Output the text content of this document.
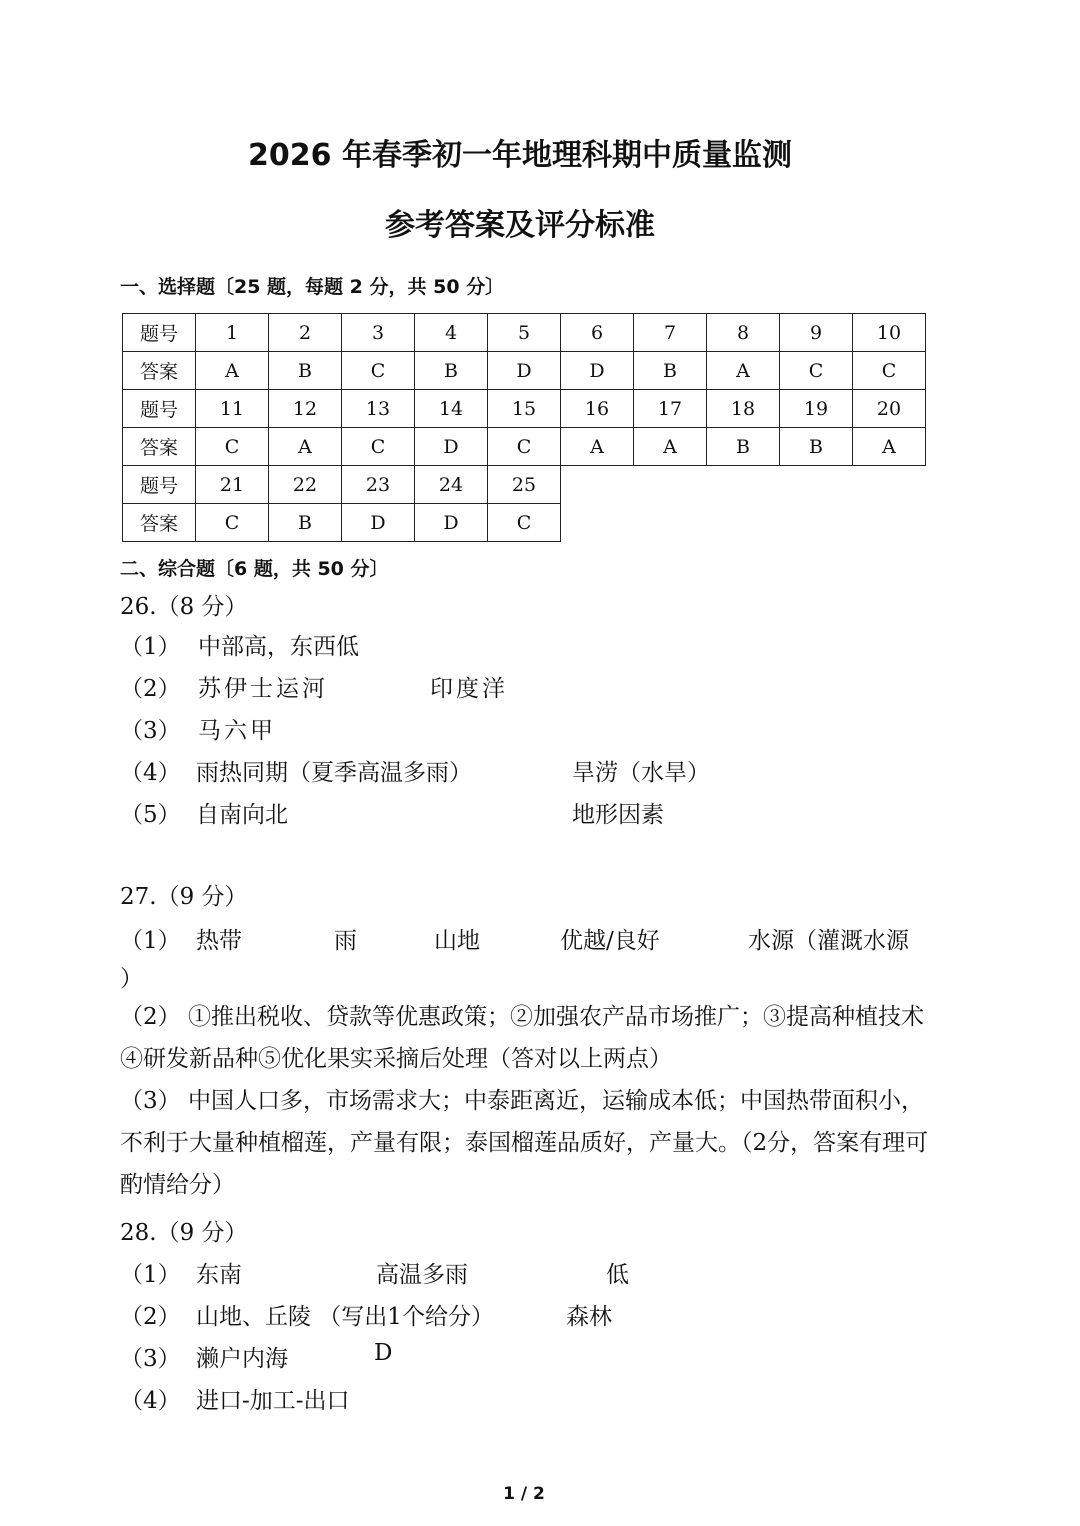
2026 年春季初一年地理科期中质量监测
参考答案及评分标准
一、选择题〔25 题，每题 2 分，共 50 分〕
题号	1	2	3	4	5	6	7	8	9	10
答案	A	B	C	B	D	D	B	A	C	C
题号	11	12	13	14	15	16	17	18	19	20
答案	C	A	C	D	C	A	A	B	B	A
题号	21	22	23	24	25					
答案	C	B	D	D	C					
二、综合题〔6 题，共 50 分〕
26.（8 分）
（1） 中部高，东西低
（2） 苏伊士运河	印度洋
（3） 马六甲
（4） 雨热同期（夏季高温多雨）	旱涝（水旱）
（5） 自南向北	地形因素
27.（9 分）
（1） 热带	雨	山地	优越/良好	水源（灌溉水源
）
（2） ①推出税收、贷款等优惠政策；②加强农产品市场推广；③提高种植技术④研发新品种⑤优化果实采摘后处理（答对以上两点）
（3） 中国人口多，市场需求大；中泰距离近，运输成本低；中国热带面积小，不利于大量种植榴莲，产量有限；泰国榴莲品质好，产量大。（2分，答案有理可酌情给分）
28.（9 分）
（1） 东南	高温多雨	低
（2） 山地、丘陵 （写出1个给分）	森林
（3） 濑户内海	D
（4） 进口-加工-出口
1 / 2
